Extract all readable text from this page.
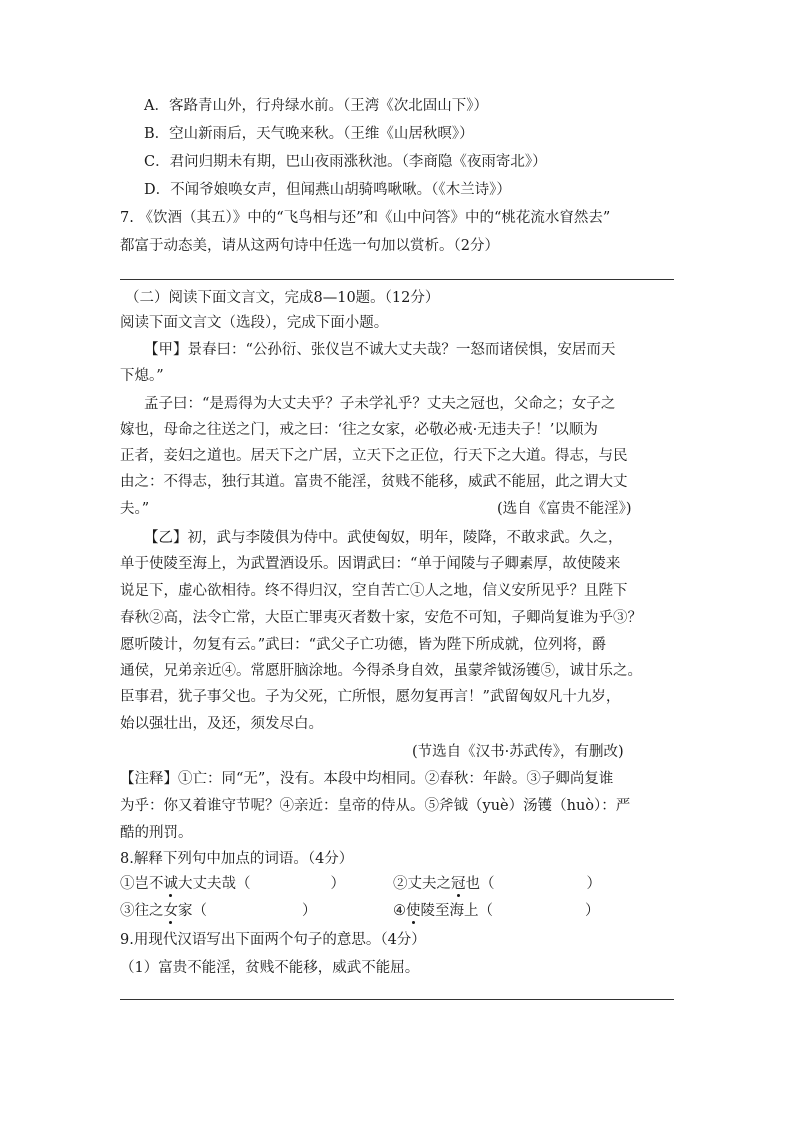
A．客路青山外，行舟绿水前。（王湾《次北固山下》）
B．空山新雨后，天气晚来秋。（王维《山居秋暝》）
C．君问归期未有期，巴山夜雨涨秋池。（李商隐《夜雨寄北》）
D．不闻爷娘唤女声，但闻燕山胡骑鸣啾啾。（《木兰诗》）
7. 《饮酒（其五）》中的“飞鸟相与还”和《山中问答》中的“桃花流水窅然去”
都富于动态美，请从这两句诗中任选一句加以赏析。（2分）
（二）阅读下面文言文，完成8—10题。（12分）
阅读下面文言文（选段），完成下面小题。
【甲】景春曰：“公孙衍、张仪岂不诚大丈夫哉？一怒而诸侯惧，安居而天
下熄。”
孟子曰：“是焉得为大丈夫乎？子未学礼乎？丈夫之冠也，父命之；女子之
嫁也，母命之往送之门，戒之曰：‘往之女家，必敬必戒·无违夫子！’以顺为
正者，妾妇之道也。居天下之广居，立天下之正位，行天下之大道。得志，与民
由之：不得志，独行其道。富贵不能淫，贫贱不能移，威武不能屈，此之谓大丈
夫。”	(选自《富贵不能淫》)
【乙】初，武与李陵俱为侍中。武使匈奴，明年，陵降，不敢求武。久之，
单于使陵至海上，为武置酒设乐。因谓武曰：“单于闻陵与子卿素厚，故使陵来
说足下，虚心欲相待。终不得归汉，空自苦亡①人之地，信义安所见乎？且陛下
春秋②高，法令亡常，大臣亡罪夷灭者数十家，安危不可知，子卿尚复谁为乎③？
愿听陵计，勿复有云。”武曰：“武父子亡功德，皆为陛下所成就，位列将，爵
通侯，兄弟亲近④。常愿肝脑涂地。今得杀身自效，虽蒙斧钺汤镬⑤，诚甘乐之。
臣事君，犹子事父也。子为父死，亡所恨，愿勿复再言！”武留匈奴凡十九岁，
始以强壮出，及还，须发尽白。
(节选自《汉书·苏武传》，有删改)
【注释】①亡：同“无”，没有。本段中均相同。②春秋：年龄。③子卿尚复谁
为乎：你又着谁守节呢？④亲近：皇帝的侍从。⑤斧钺（yuè）汤镬（huò）：严
酷的刑罚。
8.解释下列句中加点的词语。（4分）
①岂不诚大丈夫哉（	）	②丈夫之冠也（	）
③往之女家（	）	④使陵至海上（	）
9.用现代汉语写出下面两个句子的意思。（4分）
（1）富贵不能淫，贫贱不能移，威武不能屈。
